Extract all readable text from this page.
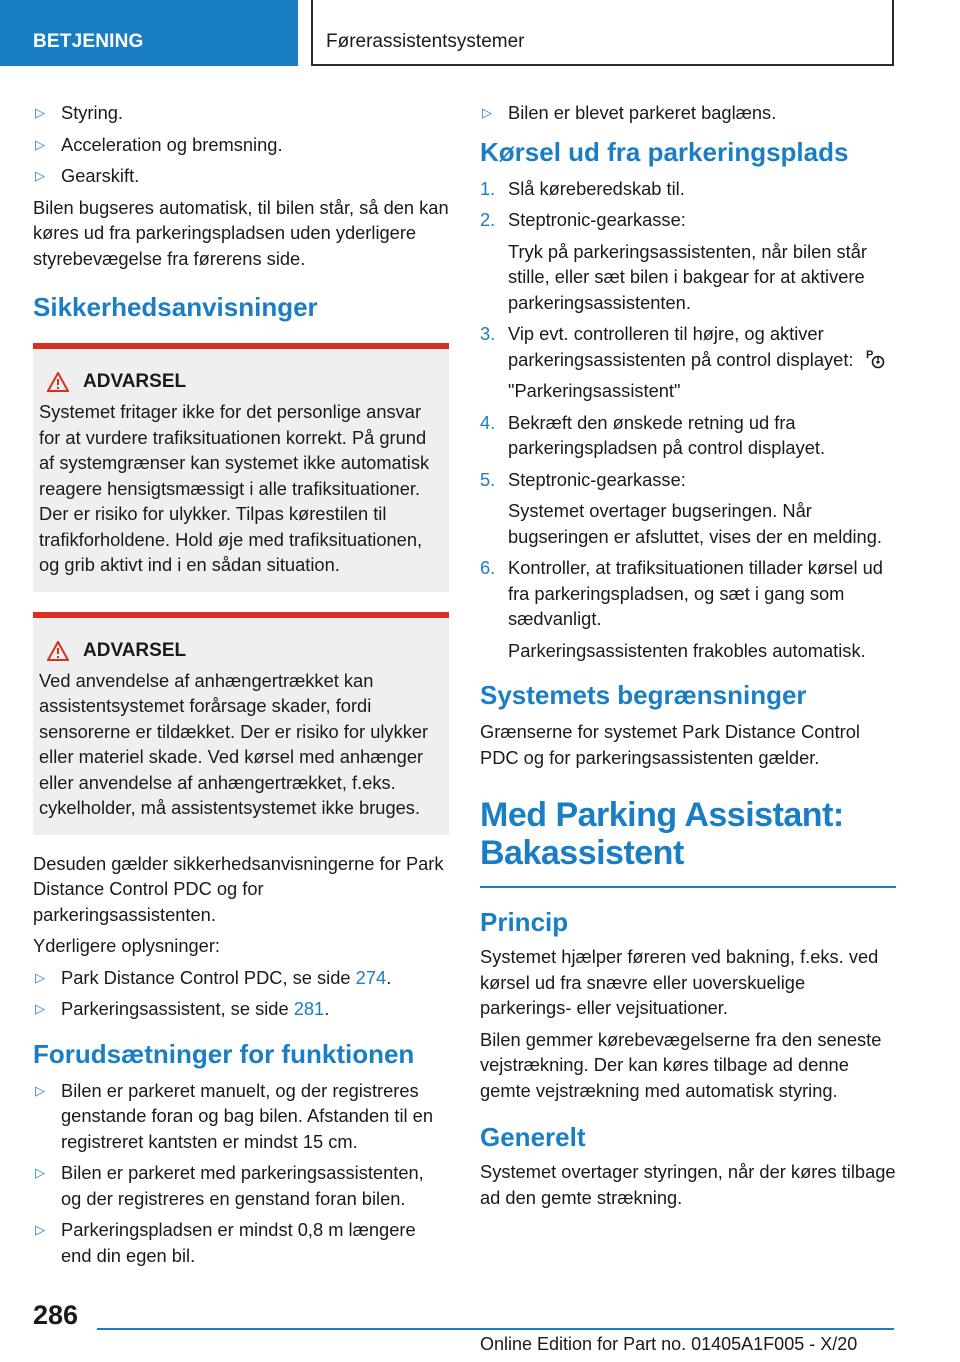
BETJENING	Førerassistentsystemer
▷ Styring.
▷ Acceleration og bremsning.
▷ Gearskift.

Bilen bugseres automatisk, til bilen står, så den kan køres ud fra parkeringspladsen uden yderligere styrebevægelse fra førerens side.

Sikkerhedsanvisninger
ADVARSEL

Systemet fritager ikke for det personlige ansvar for at vurdere trafiksituationen korrekt. På grund af systemgrænser kan systemet ikke automatisk reagere hensigtsmæssigt i alle trafiksituationer. Der er risiko for ulykker. Tilpas kørestilen til trafikforholdene. Hold øje med trafiksituationen, og grib aktivt ind i en sådan situation.

ADVARSEL

Ved anvendelse af anhængertrækket kan assistentsystemet forårsage skader, fordi sensorerne er tildækket. Der er risiko for ulykker eller materiel skade. Ved kørsel med anhænger eller anvendelse af anhængertrækket, f.eks. cykelholder, må assistentsystemet ikke bruges.

Desuden gælder sikkerhedsanvisningerne for Park Distance Control PDC og for parkeringsassistenten.

Yderligere oplysninger:

▷ Park Distance Control PDC, se side 274.
▷ Parkeringsassistent, se side 281.
Forudsætninger for funktionen
▷ Bilen er parkeret manuelt, og der registreres genstande foran og bag bilen. Afstanden til en registreret kantsten er mindst 15 cm.
▷ Bilen er parkeret med parkeringsassistenten, og der registreres en genstand foran bilen.
▷ Parkeringspladsen er mindst 0,8 m længere end din egen bil.
▷ Bilen er blevet parkeret baglæns.
Kørsel ud fra parkeringsplads
1. Slå køreberedskab til.
2. Steptronic-gearkasse:
Tryk på parkeringsassistenten, når bilen står stille, eller sæt bilen i bakgear for at aktivere parkeringsassistenten.
3. Vip evt. controlleren til højre, og aktiver parkeringsassistenten på control displayet: P
"Parkeringsassistent"
4. Bekræft den ønskede retning ud fra parkeringspladsen på control displayet.
5. Steptronic-gearkasse:
Systemet overtager bugseringen. Når bugseringen er afsluttet, vises der en melding.
6. Kontroller, at trafiksituationen tillader kørsel ud fra parkeringspladsen, og sæt i gang som sædvanligt.
Parkeringsassistenten frakobles automatisk.
Systemets begrænsninger

Grænserne for systemet Park Distance Control PDC og for parkeringsassistenten gælder.

Med Parking Assistant: Bakassistent
Princip

Systemet hjælper føreren ved bakning, f.eks. ved kørsel ud fra snævre eller uoverskuelige parkerings- eller vejsituationer.

Bilen gemmer kørebevægelserne fra den seneste vejstrækning. Der kan køres tilbage ad denne gemte vejstrækning med automatisk styring.

Generelt

Systemet overtager styringen, når der køres tilbage ad den gemte strækning.

286
Online Edition for Part no. 01405A1F005 - X/20
